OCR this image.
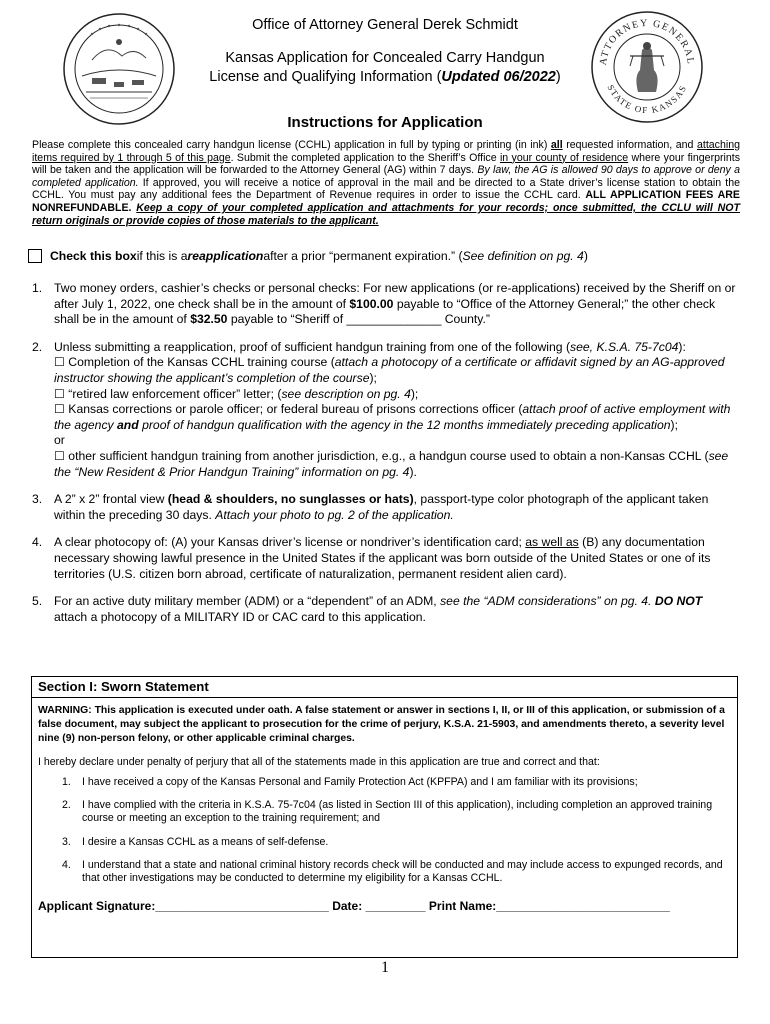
ATTORNEY GENERAL
STATE OF KANSAS
Office of Attorney General Derek Schmidt
Kansas Application for Concealed Carry Handgun
License and Qualifying Information (Updated 06/2022)
Instructions for Application
Please complete this concealed carry handgun license (CCHL) application in full by typing or printing (in ink) all requested information, and attaching items required by 1 through 5 of this page. Submit the completed application to the Sheriff’s Office in your county of residence where your fingerprints will be taken and the application will be forwarded to the Attorney General (AG) within 7 days. By law, the AG is allowed 90 days to approve or deny a completed application. If approved, you will receive a notice of approval in the mail and be directed to a State driver’s license station to obtain the CCHL. You must pay any additional fees the Department of Revenue requires in order to issue the CCHL card. ALL APPLICATION FEES ARE NONREFUNDABLE. Keep a copy of your completed application and attachments for your records; once submitted, the CCLU will NOT return originals or provide copies of those materials to the applicant.
Check this box if this is a reapplication after a prior “permanent expiration.” ( See definition on pg. 4 )
1. Two money orders, cashier’s checks or personal checks: For new applications (or re-applications) received by the Sheriff on or after July 1, 2022, one check shall be in the amount of $100.00 payable to “Office of the Attorney General;” the other check shall be in the amount of $32.50 payable to “Sheriff of ______________ County.”
2. Unless submitting a reapplication, proof of sufficient handgun training from one of the following (see, K.S.A. 75-7c04):
☐ Completion of the Kansas CCHL training course (attach a photocopy of a certificate or affidavit signed by an AG-approved instructor showing the applicant’s completion of the course);
☐ “retired law enforcement officer” letter; (see description on pg. 4);
☐ Kansas corrections or parole officer; or federal bureau of prisons corrections officer (attach proof of active employment with the agency and proof of handgun qualification with the agency in the 12 months immediately preceding application);
or
☐ other sufficient handgun training from another jurisdiction, e.g., a handgun course used to obtain a non-Kansas CCHL (see the “New Resident & Prior Handgun Training” information on pg. 4).
3. A 2” x 2” frontal view (head & shoulders, no sunglasses or hats), passport-type color photograph of the applicant taken within the preceding 30 days. Attach your photo to pg. 2 of the application.
4. A clear photocopy of: (A) your Kansas driver’s license or nondriver’s identification card; as well as (B) any documentation necessary showing lawful presence in the United States if the applicant was born outside of the United States or one of its territories (U.S. citizen born abroad, certificate of naturalization, permanent resident alien card).
5. For an active duty military member (ADM) or a “dependent” of an ADM, see the “ADM considerations” on pg. 4. DO NOT attach a photocopy of a MILITARY ID or CAC card to this application.
Section I: Sworn Statement
WARNING: This application is executed under oath. A false statement or answer in sections I, II, or III of this application, or submission of a false document, may subject the applicant to prosecution for the crime of perjury, K.S.A. 21-5903, and amendments thereto, a severity level nine (9) non-person felony, or other applicable criminal charges.
I hereby declare under penalty of perjury that all of the statements made in this application are true and correct and that:
1.	I have received a copy of the Kansas Personal and Family Protection Act (KPFPA) and I am familiar with its provisions;
2.	I have complied with the criteria in K.S.A. 75-7c04 (as listed in Section III of this application), including completion an approved training course or meeting an exception to the training requirement; and
3.	I desire a Kansas CCHL as a means of self-defense.
4.	I understand that a state and national criminal history records check will be conducted and may include access to expunged records, and that other investigations may be conducted to determine my eligibility for a Kansas CCHL.
Applicant Signature:__________________________ Date: _________ Print Name:__________________________
1
